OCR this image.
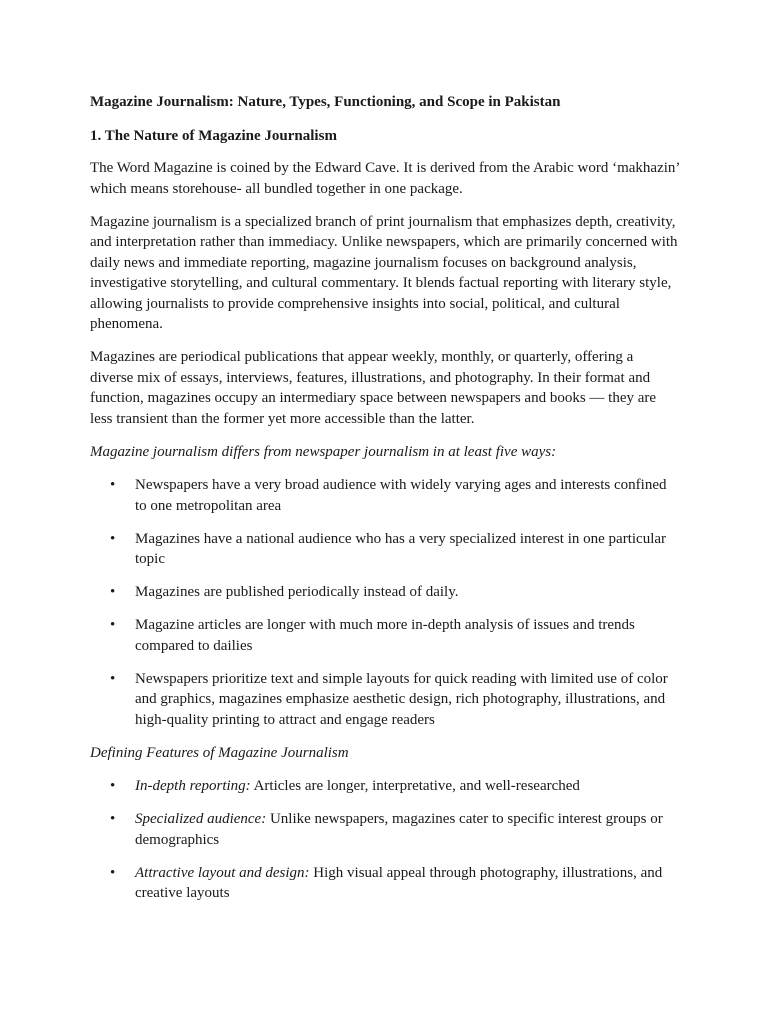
Magazine Journalism: Nature, Types, Functioning, and Scope in Pakistan

1. The Nature of Magazine Journalism

The Word Magazine is coined by the Edward Cave. It is derived from the Arabic word ‘makhazin’ which means storehouse- all bundled together in one package.

Magazine journalism is a specialized branch of print journalism that emphasizes depth, creativity, and interpretation rather than immediacy. Unlike newspapers, which are primarily concerned with daily news and immediate reporting, magazine journalism focuses on background analysis, investigative storytelling, and cultural commentary. It blends factual reporting with literary style, allowing journalists to provide comprehensive insights into social, political, and cultural phenomena.

Magazines are periodical publications that appear weekly, monthly, or quarterly, offering a diverse mix of essays, interviews, features, illustrations, and photography. In their format and function, magazines occupy an intermediary space between newspapers and books — they are less transient than the former yet more accessible than the latter.

Magazine journalism differs from newspaper journalism in at least five ways:

• Newspapers have a very broad audience with widely varying ages and interests confined to one metropolitan area
• Magazines have a national audience who has a very specialized interest in one particular topic
• Magazines are published periodically instead of daily.
• Magazine articles are longer with much more in-depth analysis of issues and trends compared to dailies
• Newspapers prioritize text and simple layouts for quick reading with limited use of color and graphics, magazines emphasize aesthetic design, rich photography, illustrations, and high-quality printing to attract and engage readers

Defining Features of Magazine Journalism

• In-depth reporting: Articles are longer, interpretative, and well-researched
• Specialized audience: Unlike newspapers, magazines cater to specific interest groups or demographics
• Attractive layout and design: High visual appeal through photography, illustrations, and creative layouts
